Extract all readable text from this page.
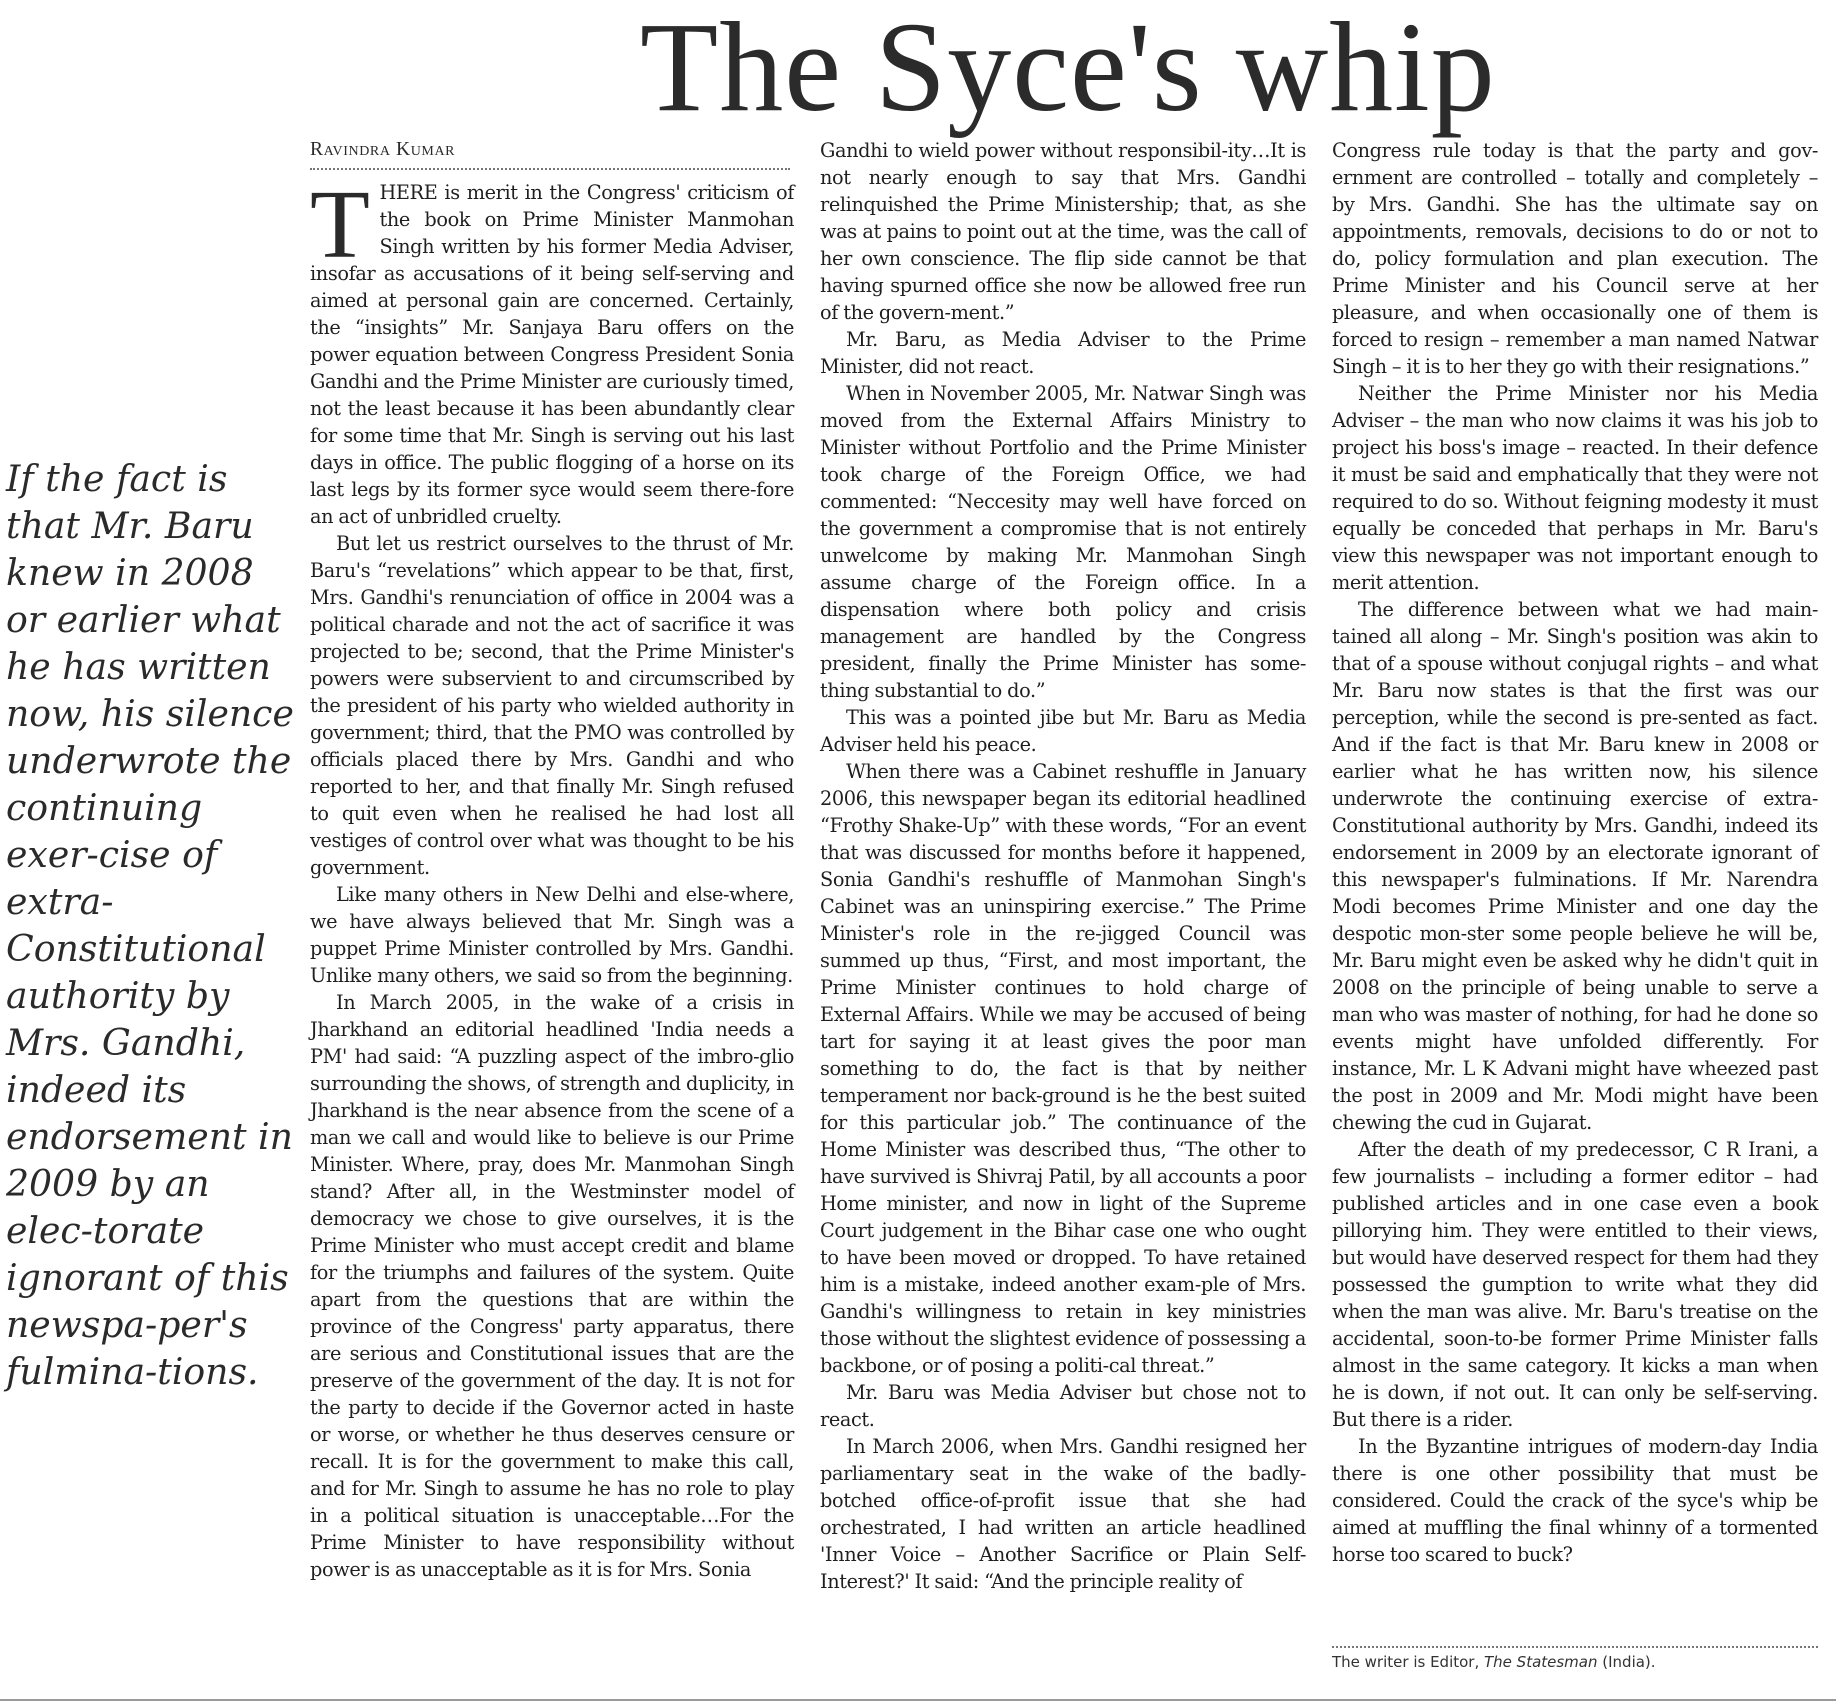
The Syce's whip

If the fact is that Mr. Baru knew in 2008 or earlier what he has written now, his silence underwrote the continuing exer-cise of extra-Constitutional authority by Mrs. Gandhi, indeed its endorsement in 2009 by an elec-torate ignorant of this newspa-per's fulmina-tions.

Ravindra Kumar

THERE is merit in the Congress' criticism of the book on Prime Minister Manmohan Singh written by his former Media Adviser, insofar as accusations of it being self-serving and aimed at personal gain are concerned. Certainly, the “insights” Mr. Sanjaya Baru offers on the power equation between Congress President Sonia Gandhi and the Prime Minister are curiously timed, not the least because it has been abundantly clear for some time that Mr. Singh is serving out his last days in office. The public flogging of a horse on its last legs by its former syce would seem there-fore an act of unbridled cruelty.

But let us restrict ourselves to the thrust of Mr. Baru's “revelations” which appear to be that, first, Mrs. Gandhi's renunciation of office in 2004 was a political charade and not the act of sacrifice it was projected to be; second, that the Prime Minister's powers were subservient to and circumscribed by the president of his party who wielded authority in government; third, that the PMO was controlled by officials placed there by Mrs. Gandhi and who reported to her, and that finally Mr. Singh refused to quit even when he realised he had lost all vestiges of control over what was thought to be his government.

Like many others in New Delhi and else-where, we have always believed that Mr. Singh was a puppet Prime Minister controlled by Mrs. Gandhi. Unlike many others, we said so from the beginning.

In March 2005, in the wake of a crisis in Jharkhand an editorial headlined 'India needs a PM' had said: “A puzzling aspect of the imbro-glio surrounding the shows, of strength and duplicity, in Jharkhand is the near absence from the scene of a man we call and would like to believe is our Prime Minister. Where, pray, does Mr. Manmohan Singh stand? After all, in the Westminster model of democracy we chose to give ourselves, it is the Prime Minister who must accept credit and blame for the triumphs and failures of the system. Quite apart from the questions that are within the province of the Congress' party apparatus, there are serious and Constitutional issues that are the preserve of the government of the day. It is not for the party to decide if the Governor acted in haste or worse, or whether he thus deserves censure or recall. It is for the government to make this call, and for Mr. Singh to assume he has no role to play in a political situation is unacceptable…For the Prime Minister to have responsibility without power is as unacceptable as it is for Mrs. Sonia

Gandhi to wield power without responsibil-ity…It is not nearly enough to say that Mrs. Gandhi relinquished the Prime Ministership; that, as she was at pains to point out at the time, was the call of her own conscience. The flip side cannot be that having spurned office she now be allowed free run of the govern-ment.”

Mr. Baru, as Media Adviser to the Prime Minister, did not react.

When in November 2005, Mr. Natwar Singh was moved from the External Affairs Ministry to Minister without Portfolio and the Prime Minister took charge of the Foreign Office, we had commented: “Neccesity may well have forced on the government a compromise that is not entirely unwelcome by making Mr. Manmohan Singh assume charge of the Foreign office. In a dispensation where both policy and crisis management are handled by the Congress president, finally the Prime Minister has some-thing substantial to do.”

This was a pointed jibe but Mr. Baru as Media Adviser held his peace.

When there was a Cabinet reshuffle in January 2006, this newspaper began its editorial headlined “Frothy Shake-Up” with these words, “For an event that was discussed for months before it happened, Sonia Gandhi's reshuffle of Manmohan Singh's Cabinet was an uninspiring exercise.” The Prime Minister's role in the re-jigged Council was summed up thus, “First, and most important, the Prime Minister continues to hold charge of External Affairs. While we may be accused of being tart for saying it at least gives the poor man something to do, the fact is that by neither temperament nor back-ground is he the best suited for this particular job.” The continuance of the Home Minister was described thus, “The other to have survived is Shivraj Patil, by all accounts a poor Home minister, and now in light of the Supreme Court judgement in the Bihar case one who ought to have been moved or dropped. To have retained him is a mistake, indeed another exam-ple of Mrs. Gandhi's willingness to retain in key ministries those without the slightest evidence of possessing a backbone, or of posing a politi-cal threat.”

Mr. Baru was Media Adviser but chose not to react.

In March 2006, when Mrs. Gandhi resigned her parliamentary seat in the wake of the badly-botched office-of-profit issue that she had orchestrated, I had written an article headlined 'Inner Voice – Another Sacrifice or Plain Self-Interest?' It said: “And the principle reality of

Congress rule today is that the party and gov-ernment are controlled – totally and completely – by Mrs. Gandhi. She has the ultimate say on appointments, removals, decisions to do or not to do, policy formulation and plan execution. The Prime Minister and his Council serve at her pleasure, and when occasionally one of them is forced to resign – remember a man named Natwar Singh – it is to her they go with their resignations.”

Neither the Prime Minister nor his Media Adviser – the man who now claims it was his job to project his boss's image – reacted. In their defence it must be said and emphatically that they were not required to do so. Without feigning modesty it must equally be conceded that perhaps in Mr. Baru's view this newspaper was not important enough to merit attention.

The difference between what we had main-tained all along – Mr. Singh's position was akin to that of a spouse without conjugal rights – and what Mr. Baru now states is that the first was our perception, while the second is pre-sented as fact. And if the fact is that Mr. Baru knew in 2008 or earlier what he has written now, his silence underwrote the continuing exercise of extra-Constitutional authority by Mrs. Gandhi, indeed its endorsement in 2009 by an electorate ignorant of this newspaper's fulminations. If Mr. Narendra Modi becomes Prime Minister and one day the despotic mon-ster some people believe he will be, Mr. Baru might even be asked why he didn't quit in 2008 on the principle of being unable to serve a man who was master of nothing, for had he done so events might have unfolded differently. For instance, Mr. L K Advani might have wheezed past the post in 2009 and Mr. Modi might have been chewing the cud in Gujarat.

After the death of my predecessor, C R Irani, a few journalists – including a former editor – had published articles and in one case even a book pillorying him. They were entitled to their views, but would have deserved respect for them had they possessed the gumption to write what they did when the man was alive. Mr. Baru's treatise on the accidental, soon-to-be former Prime Minister falls almost in the same category. It kicks a man when he is down, if not out. It can only be self-serving. But there is a rider.

In the Byzantine intrigues of modern-day India there is one other possibility that must be considered. Could the crack of the syce's whip be aimed at muffling the final whinny of a tormented horse too scared to buck?

The writer is Editor, The Statesman (India).
